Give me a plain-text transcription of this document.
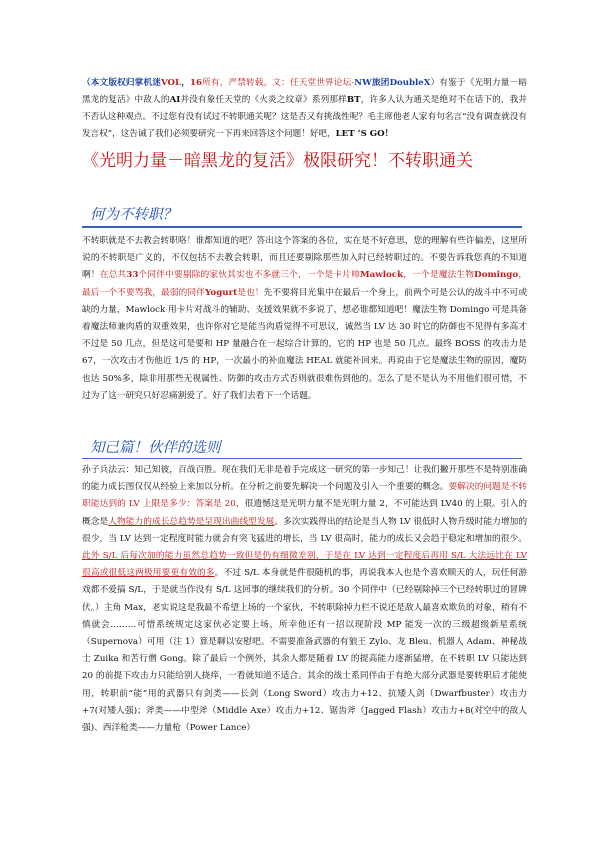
（本文版权归掌机迷VOL，16所有，严禁转载。文：任天堂世界论坛-NW旅团DoubleX）有鉴于《光明力量－暗黑龙的复活》中敌人的AI并没有象任天堂的《火炎之纹章》系列那样BT，许多人认为通关是绝对不在话下的，我并不否认这种观点。不过您有没有试过不转职通关呢？这是否又有挑战性呢？毛主席他老人家有句名言“没有调查就没有发言权”，这告诫了我们必须要研究一下再来回答这个问题！好吧，LET ‘S GO！
《光明力量－暗黑龙的复活》极限研究！不转职通关
何为不转职？
不转职就是不去教会转职咯！谁都知道的吧？答出这个答案的各位，实在是不好意思，您的理解有些许偏差，这里所说的不转职是广义的，不仅包括不去教会转职，而且还要剔除那些加入时已经转职过的。不要告诉我您真的不知道啊！在总共33个同伴中要剔除的家伙其实也不多就三个，一个是卡片帅Mawlock，一个是魔法生物Domingo，最后一个不要骂我，最弱的同伴Yogurt是也！先不要将目光集中在最后一个身上，前两个可是公认的战斗中不可或缺的力量，Mawlock 用卡片对战斗的辅助、支援效果就不多说了，想必谁都知道吧！魔法生物 Domingo 可是具备着魔法师兼肉盾的双重效果，也许你对它是能当肉盾觉得不可思议，诚然当 LV 达 30 时它的防御也不见得有多高才不过是 50 几点，但是这可是要和 HP 量融合在一起综合计算的，它的 HP 也是 50 几点。最终 BOSS 的攻击力是 67，一次攻击才伤他近 1/5 的 HP，一次最小的补血魔法 HEAL 就能补回来。再说由于它是魔法生物的原因，魔防也达 50%多，除非用那些无视属性、防御的攻击方式否则就很难伤到他的。怎么了是不是认为不用他们很可惜，不过为了这一研究只好忍痛割爱了。好了我们去看下一个话题。
知己篇！伙伴的选则
孙子兵法云：知己知彼，百战百胜。现在我们无非是着手完成这一研究的第一步知己！让我们撇开那些不是特别准确的能力成长图仅仅从经验上来加以分析。在分析之前要先解决一个问题及引入一个重要的概念。要解决的问题是不转职能达到的 LV 上限是多少：答案是 20，很遗憾这是光明力量不是光明力量 2，不可能达到 LV40 的上限。引入的概念是人物能力的成长总趋势是呈现出曲线型发展。多次实践得出的结论是当人物 LV 很低时人物升级时能力增加的很少，当 LV 达到一定程度时能力就会有突飞猛进的增长，当 LV 很高时，能力的成长又会趋于稳定和增加的很少。此外 S/L 后每次加的能力虽然总趋势一致但是仍有细微差别，于是在 LV 达到一定程度后再用 S/L 大法远比在 LV 很高或很低这两极用要更有效的多。不过 S/L 本身就是件很随机的事，再说我本人也是个喜欢顺天的人，玩任何游戏都不爱搞 S/L，于是就当作没有 S/L 这回事的继续我们的分析。30 个同伴中（已经剔除掉三个已经转职过的冒牌伏。）主角 Max，老实说这是我最不希望上场的一个家伙，不转职除掉力栏不说还是敌人最喜欢欺负的对象，稍有不慎就会………可惜系统规定这家伙必定要上场，所幸他还有一招以现阶段 MP 能发一次的三级超级新星系统（Supernova）可用（注 1）算是聊以安慰吧。不需要准备武器的有狼王 Zylo、龙 Bleu、机器人 Adam、神秘战士 Zuika 和苦行僧 Gong。除了最后一个例外，其余人都是随着 LV 的提高能力逐渐猛增，在不转职 LV 只能达到 20 的前提下攻击力只能给别人挠痒，一看就知道不适合。其余的战士系同伴由于有绝大部分武器是要转职后才能使用，转职前“能”用的武器只有剑类——长剑（Long Sword）攻击力+12、抗矮人剑（Dwarfbuster）攻击力+7(对矮人强)；斧类——中型斧（Middle Axe）攻击力+12、锯齿斧（Jagged Flash）攻击力+8(对空中的敌人强)、西洋枪类——力量枪（Power Lance）
